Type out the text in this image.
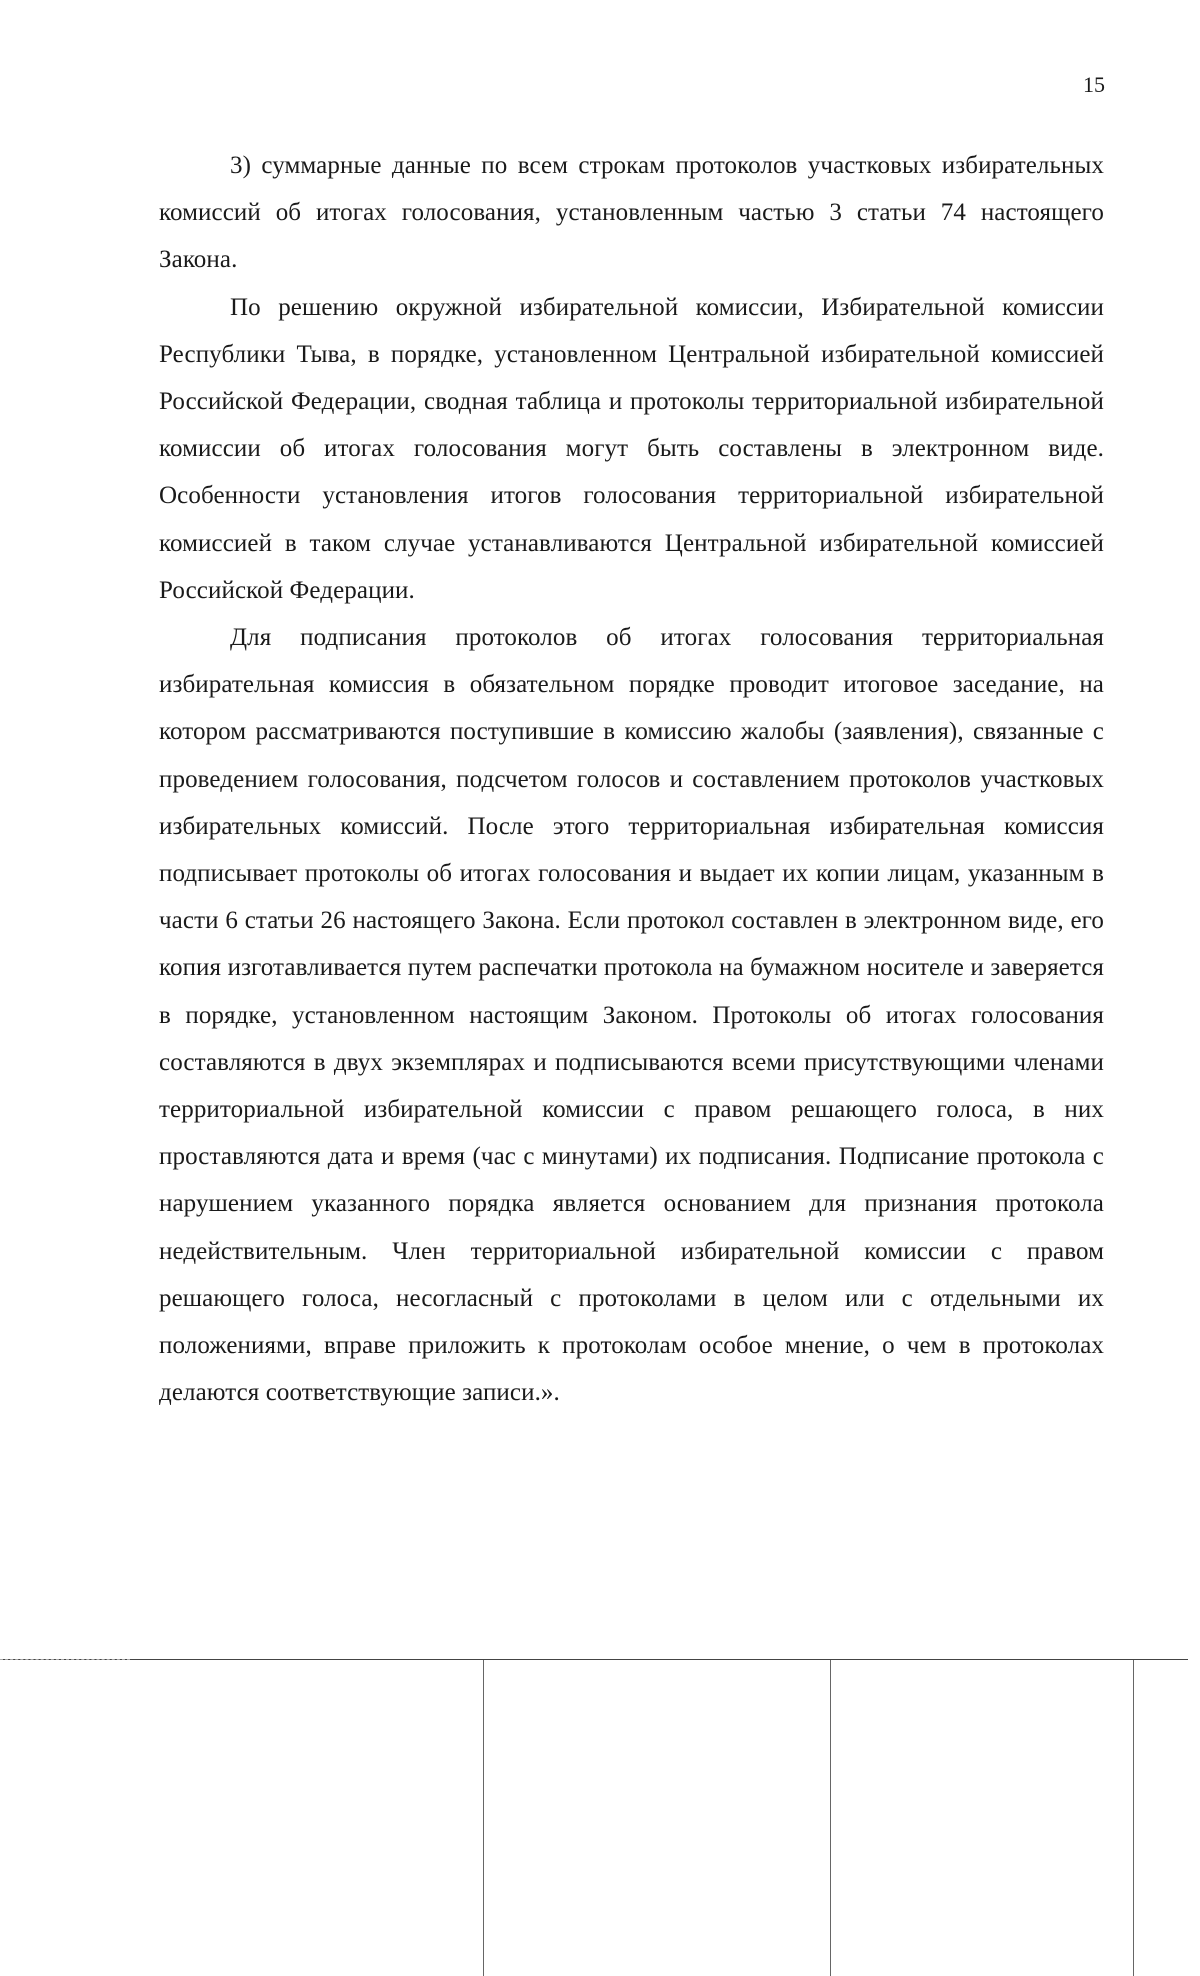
15

3) суммарные данные по всем строкам протоколов участковых избирательных комиссий об итогах голосования, установленным частью 3 статьи 74 настоящего Закона.

По решению окружной избирательной комиссии, Избирательной комиссии Республики Тыва, в порядке, установленном Центральной избирательной комиссией Российской Федерации, сводная таблица и протоколы территориальной избирательной комиссии об итогах голосования могут быть составлены в электронном виде. Особенности установления итогов голосования территориальной избирательной комиссией в таком случае устанавливаются Центральной избирательной комиссией Российской Федерации.

Для подписания протоколов об итогах голосования территориальная избирательная комиссия в обязательном порядке проводит итоговое заседание, на котором рассматриваются поступившие в комиссию жалобы (заявления), связанные с проведением голосования, подсчетом голосов и составлением протоколов участковых избирательных комиссий. После этого территориальная избирательная комиссия подписывает протоколы об итогах голосования и выдает их копии лицам, указанным в части 6 статьи 26 настоящего Закона. Если протокол составлен в электронном виде, его копия изготавливается путем распечатки протокола на бумажном носителе и заверяется в порядке, установленном настоящим Законом. Протоколы об итогах голосования составляются в двух экземплярах и подписываются всеми присутствующими членами территориальной избирательной комиссии с правом решающего голоса, в них проставляются дата и время (час с минутами) их подписания. Подписание протокола с нарушением указанного порядка является основанием для признания протокола недействительным. Член территориальной избирательной комиссии с правом решающего голоса, несогласный с протоколами в целом или с отдельными их положениями, вправе приложить к протоколам особое мнение, о чем в протоколах делаются соответствующие записи.».
